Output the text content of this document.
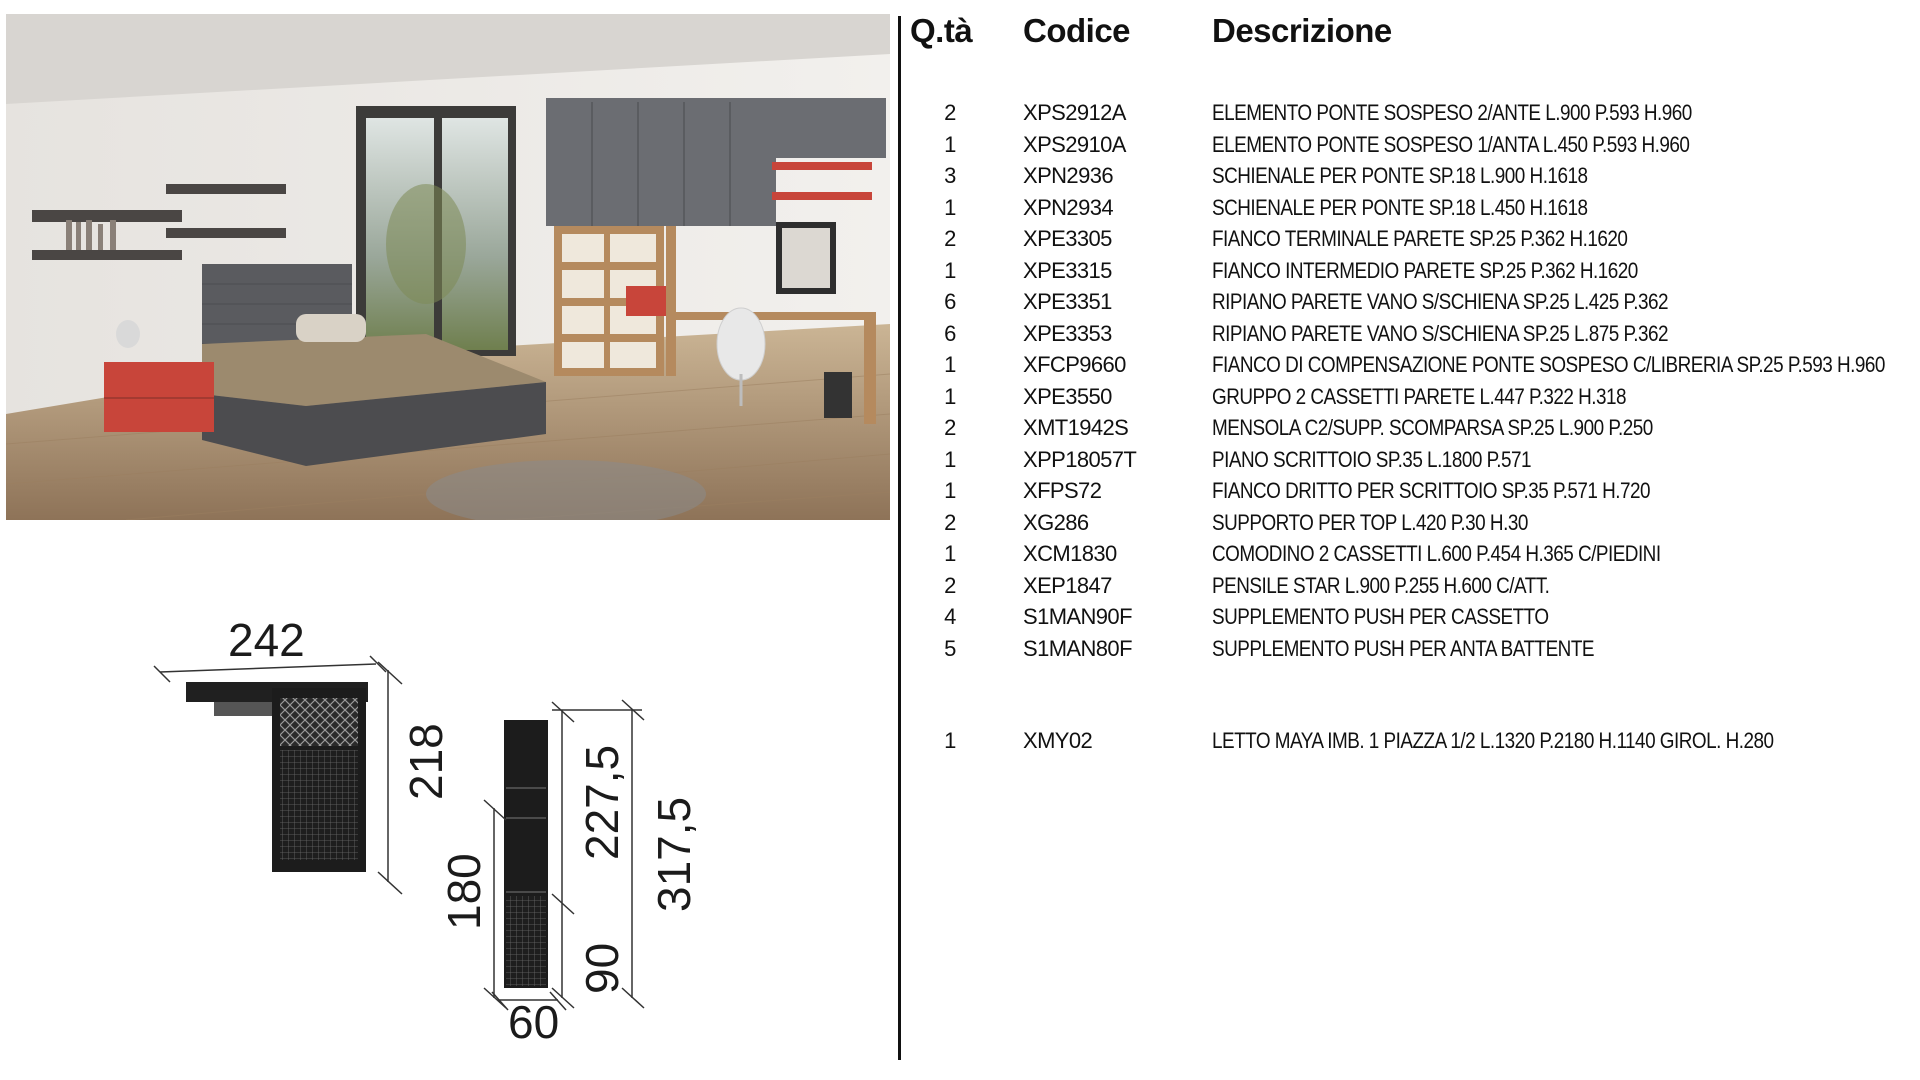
242
218
180
227,5
90
317,5
60
Q.tà Codice Descrizione
2	XPS2912A	ELEMENTO PONTE SOSPESO 2/ANTE L.900 P.593 H.960
1	XPS2910A	ELEMENTO PONTE SOSPESO 1/ANTA L.450 P.593 H.960
3	XPN2936	SCHIENALE PER PONTE SP.18 L.900 H.1618
1	XPN2934	SCHIENALE PER PONTE SP.18 L.450 H.1618
2	XPE3305	FIANCO TERMINALE PARETE SP.25 P.362 H.1620
1	XPE3315	FIANCO INTERMEDIO PARETE SP.25 P.362 H.1620
6	XPE3351	RIPIANO PARETE VANO S/SCHIENA SP.25 L.425 P.362
6	XPE3353	RIPIANO PARETE VANO S/SCHIENA SP.25 L.875 P.362
1	XFCP9660	FIANCO DI COMPENSAZIONE PONTE SOSPESO C/LIBRERIA SP.25 P.593 H.960
1	XPE3550	GRUPPO 2 CASSETTI PARETE L.447 P.322 H.318
2	XMT1942S	MENSOLA C2/SUPP. SCOMPARSA SP.25 L.900 P.250
1	XPP18057T	PIANO SCRITTOIO SP.35 L.1800 P.571
1	XFPS72	FIANCO DRITTO PER SCRITTOIO SP.35 P.571 H.720
2	XG286	SUPPORTO PER TOP L.420 P.30 H.30
1	XCM1830	COMODINO 2 CASSETTI L.600 P.454 H.365 C/PIEDINI
2	XEP1847	PENSILE STAR L.900 P.255 H.600 C/ATT.
4	S1MAN90F	SUPPLEMENTO PUSH PER CASSETTO
5	S1MAN80F	SUPPLEMENTO PUSH PER ANTA BATTENTE
1	XMY02	LETTO MAYA IMB. 1 PIAZZA 1/2 L.1320 P.2180 H.1140 GIROL. H.280
